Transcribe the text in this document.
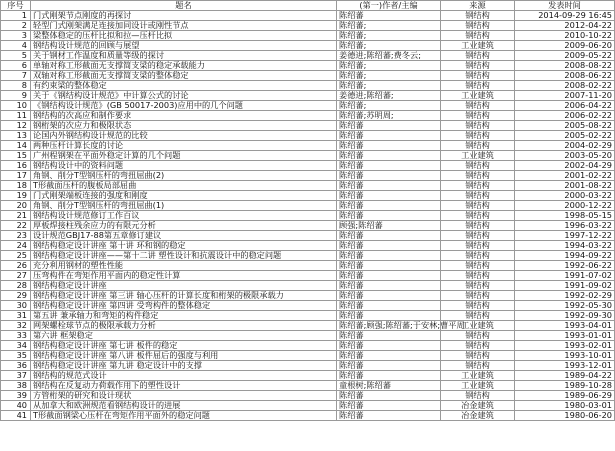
序号	题名	(第一)作者/主编	来源	发表时间
1	门式刚架节点刚度的再探讨	陈绍蕃	钢结构	2014-09-29 16:45
2	轻型门式刚架满足连接加同设计或刚性节点	陈绍蕃;	钢结构	2012-04-22
3	梁整体稳定的压杆比拟和拉—压杆比拟	陈绍蕃;	钢结构	2010-10-22
4	钢结构设计规范的回顾与展望	陈绍蕃;	工业建筑	2009-06-20
5	关于钢材工作温度和质量等级的探讨	姜德进;陈绍蕃;费冬云;	钢结构	2009-05-22
6	单轴对称工形截面无支撑简支梁的稳定承载能力	陈绍蕃;	钢结构	2008-08-22
7	双轴对称工形截面无支撑简支梁的整体稳定	陈绍蕃;	钢结构	2008-06-22
8	有约束梁的整体稳定	陈绍蕃;	钢结构	2008-02-22
9	关于《钢结构设计规范》中计算公式的讨论	姜德进;陈绍蕃;	工业建筑	2007-11-20
10	《钢结构设计规范》(GB 50017-2003)应用中的几个问题	陈绍蕃;	钢结构	2006-04-22
11	钢结构的次高应和制作要求	陈绍蕃;苏明周;	钢结构	2006-02-22
12	钢桁架的次应力和极限状态	陈绍蕃	钢结构	2005-08-22
13	论国内外钢结构设计规范的比较	陈绍蕃	钢结构	2005-02-22
14	两种压杆计算长度的讨论	陈绍蕃	钢结构	2004-02-29
15	广州程钢架在平面外稳定计算的几个问题	陈绍蕃	工业建筑	2003-05-20
16	钢结构设计中的资料问题	陈绍蕃	钢结构	2002-04-29
17	角钢、削分T型钢压杆的弯扭屈曲(2)	陈绍蕃	钢结构	2001-02-22
18	T形截面压杆的腹板局部屈曲	陈绍蕃	钢结构	2001-08-22
19	门式刚架端板连接的强度和刚度	陈绍蕃	钢结构	2000-03-22
20	角钢、削分T型钢压杆的弯扭屈曲(1)	陈绍蕃	钢结构	2000-12-22
21	钢结构设计规范修订工作百议	陈绍蕃	钢结构	1998-05-15
22	厚板焊接柱残余应力的有限元分析	顾强;陈绍蕃	钢结构	1996-03-22
23	设计规范GBJ17-88第五章修订建议	陈绍蕃	钢结构	1997-12-22
24	钢结构稳定设计讲座 第十讲 环和钢的稳定	陈绍蕃	钢结构	1994-03-22
25	钢结构稳定设计讲座——第十二讲 塑性设计和抗震设计中的稳定问题	陈绍蕃	钢结构	1994-09-22
26	充分利用钢材的塑性性能	陈绍蕃	钢结构	1992-06-22
27	压弯构件在弯矩作用平面内的稳定性计算	陈绍蕃	钢结构	1991-07-02
28	钢结构稳定设计讲座	陈绍蕃	钢结构	1991-09-02
29	钢结构稳定设计讲座 第三讲 轴心压杆的计算长度和桁架的极限承载力	陈绍蕃	钢结构	1992-02-29
30	钢结构稳定设计讲座 第四讲 受弯构件的整体稳定	陈绍蕃	钢结构	1992-05-30
31	第五讲 兼承轴力和弯矩的构件稳定	陈绍蕃	钢结构	1992-09-30
32	网架螺栓球节点的极限承载力分析	陈绍蕃;顾强;陈绍蕃;于安林;曹平周	工业建筑	1993-04-01
33	第六讲 框架稳定	陈绍蕃	钢结构	1993-01-01
34	钢结构稳定设计讲座 第七讲 板件的稳定	陈绍蕃	钢结构	1993-02-01
35	钢结构稳定设计讲座 第八讲 板件屈后的强度与利用	陈绍蕃	钢结构	1993-10-01
36	钢结构稳定设计讲座 第九讲 稳定设计中的支撑	陈绍蕃	钢结构	1993-12-01
37	钢结构的规范式设计	陈绍蕃	工业建筑	1989-04-22
38	钢结构在反复动力荷载作用下的塑性设计	童根树;陈绍蕃	工业建筑	1989-10-28
39	方管桁架的研究和设计现状	陈绍蕃	钢结构	1989-06-29
40	从加拿大和欧洲规范看钢结构设计的进展	陈绍蕃	冶金建筑	1980-03-01
41	T形截面钢梁心压杆在弯矩作用平面外的稳定问题	陈绍蕃	冶金建筑	1980-06-20
